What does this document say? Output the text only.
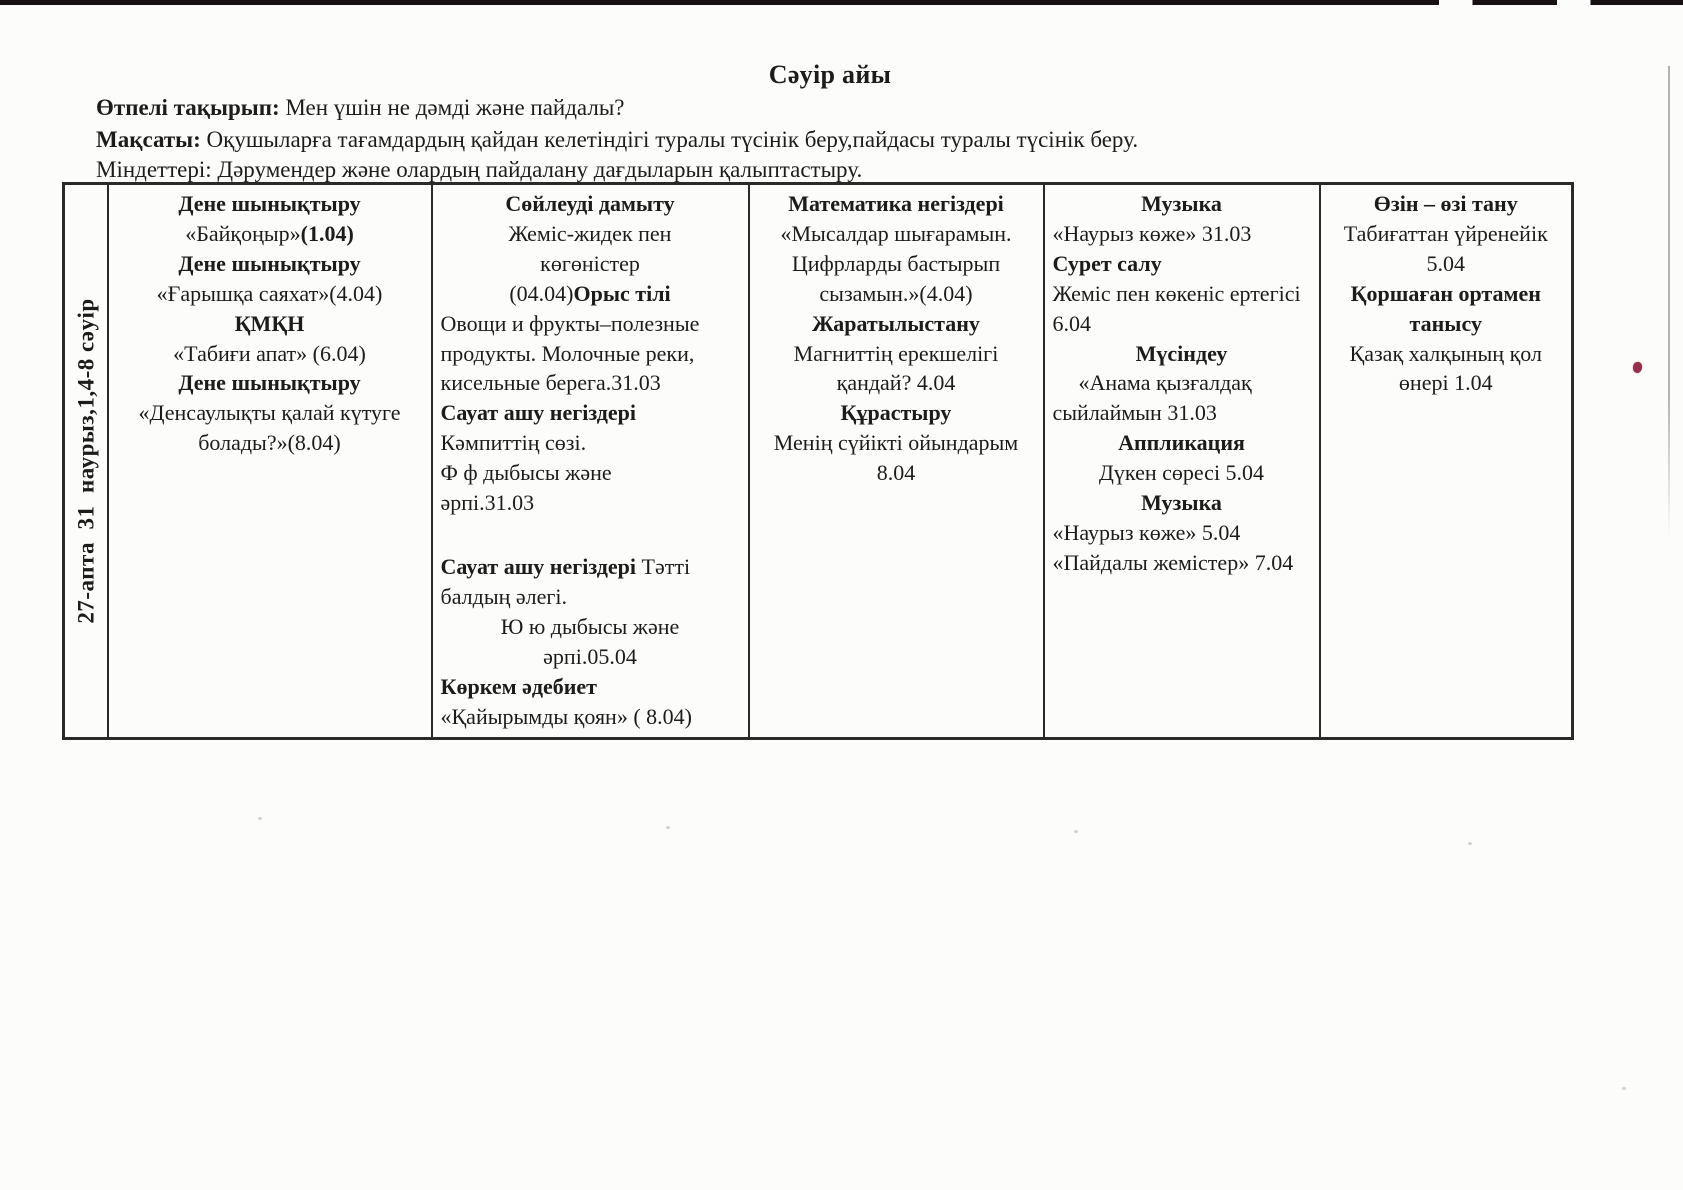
Сәуір айы
Өтпелі тақырып: Мен үшін не дәмді және пайдалы?
Мақсаты: Оқушыларға тағамдардың қайдан келетіндігі туралы түсінік беру,пайдасы туралы түсінік беру.
Міндеттері: Дәрумендер және олардың пайдалану дағдыларын қалыптастыру.
27-апта  31  наурыз,1,4-8 сәуір

Дене шынықтыру
«Байқоңыр»(1.04)
Дене шынықтыру
«Ғарышқа саяхат»(4.04)
ҚМҚН
«Табиғи апат» (6.04)
Дене шынықтыру
«Денсаулықты қалай күтуге болады?»(8.04)

Сөйлеуді дамыту
Жеміс-жидек пен
көгөністер
(04.04)Орыс тілі
Овощи и фрукты–полезные продукты. Молочные реки, кисельные берега.31.03
Сауат ашу негіздері
Кәмпиттің сөзі.
Ф ф дыбысы және
әрпі.31.03
Сауат ашу негіздері Тәтті балдың әлегі.
Ю ю дыбысы және
әрпі.05.04
Көркем әдебиет
«Қайырымды қоян» ( 8.04)

Математика негіздері
«Мысалдар шығарамын. Цифрларды бастырып сызамын.»(4.04)
Жаратылыстану
Магниттің ерекшелігі қандай? 4.04
Құрастыру
Менің сүйікті ойындарым 8.04

Музыка
«Наурыз көже» 31.03
Сурет салу
Жеміс пен көкеніс ертегісі 6.04
Мүсіндеу
«Анама қызғалдақ сыйлаймын 31.03
Аппликация
Дүкен сөресі 5.04
Музыка
«Наурыз көже» 5.04
«Пайдалы жемістер» 7.04

Өзін – өзі тану
Табиғаттан үйренейік 5.04
Қоршаған ортамен танысу
Қазақ халқының қол өнері 1.04
